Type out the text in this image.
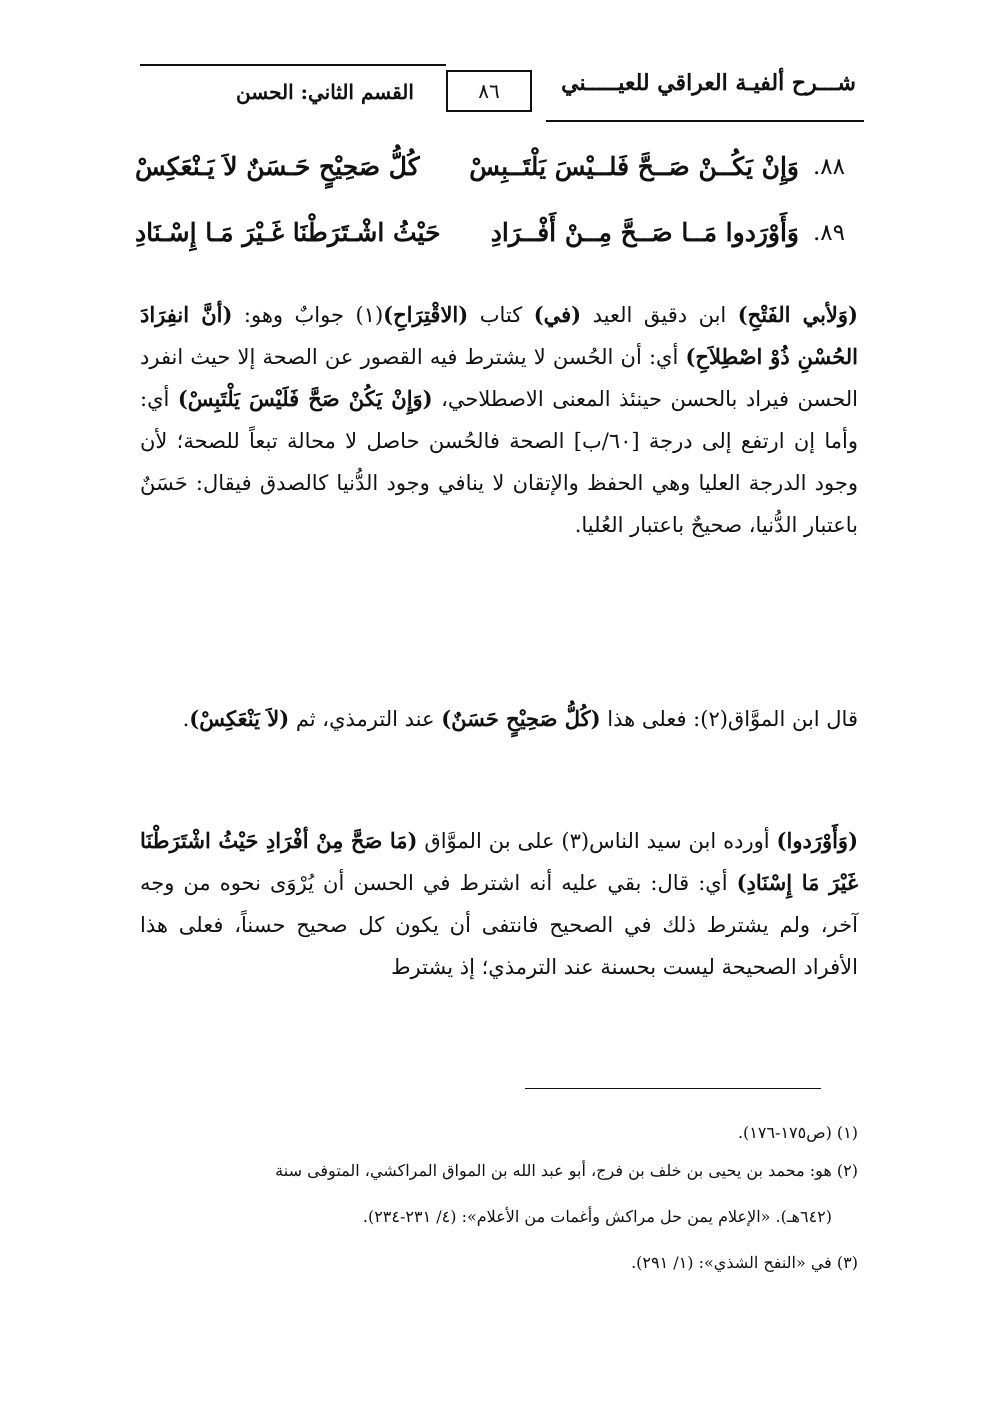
شـــرح ألفيـة العراقي للعيـــــني
٨٦
القسم الثاني: الحسن
٨٨.
وَإِنْ يَكُــنْ صَــحَّ فَلــيْسَ يَلْتَــبِسْ
كُلُّ صَحِيْحٍ حَـسَنٌ لاَ يَـنْعَكِسْ
٨٩.
وَأَوْرَدوا مَــا صَــحَّ مِــنْ أَفْــرَادِ
حَيْثُ اشْـتَرَطْنَا غَـيْرَ مَـا إِسْـنَادِ
(وَلأبي الفَتْحِ) ابن دقيق العيد (في) كتاب (الاقْتِرَاحِ)(١) جوابٌ وهو: (أنَّ انفِرَادَ الحُسْنِ ذُوْ اصْطِلاَحِ) أي: أن الحُسن لا يشترط فيه القصور عن الصحة إلا حيث انفرد الحسن فيراد بالحسن حينئذ المعنى الاصطلاحي، (وَإِنْ يَكُنْ صَحَّ فَلَيْسَ يَلْتَبِسْ) أي: وأما إن ارتفع إلى درجة [٦٠/ب] الصحة فالحُسن حاصل لا محالة تبعاً للصحة؛ لأن وجود الدرجة العليا وهي الحفظ والإتقان لا ينافي وجود الدُّنيا كالصدق فيقال: حَسَنٌ باعتبار الدُّنيا، صحيحٌ باعتبار العُليا.
قال ابن الموَّاق(٢): فعلى هذا (كُلُّ صَحِيْحٍ حَسَنٌ) عند الترمذي، ثم (لاَ يَنْعَكِسْ).
(وَأَوْرَدوا) أورده ابن سيد الناس(٣) على بن الموَّاق (مَا صَحَّ مِنْ أفْرَادِ حَيْثُ اشْتَرَطْنَا غَيْرَ مَا إِسْنَادِ) أي: قال: بقي عليه أنه اشترط في الحسن أن يُرْوَى نحوه من وجه آخر، ولم يشترط ذلك في الصحيح فانتفى أن يكون كل صحيح حسناً، فعلى هذا الأفراد الصحيحة ليست بحسنة عند الترمذي؛ إذ يشترط
(١) (ص١٧٥-١٧٦).
(٢) هو: محمد بن يحيى بن خلف بن فرج، أبو عبد الله بن المواق المراكشي، المتوفى سنة
(٦٤٢هـ). «الإعلام يمن حل مراكش وأغمات من الأعلام»: (٤/ ٢٣١-٢٣٤).
(٣) في «النفح الشذي»: (١/ ٢٩١).
